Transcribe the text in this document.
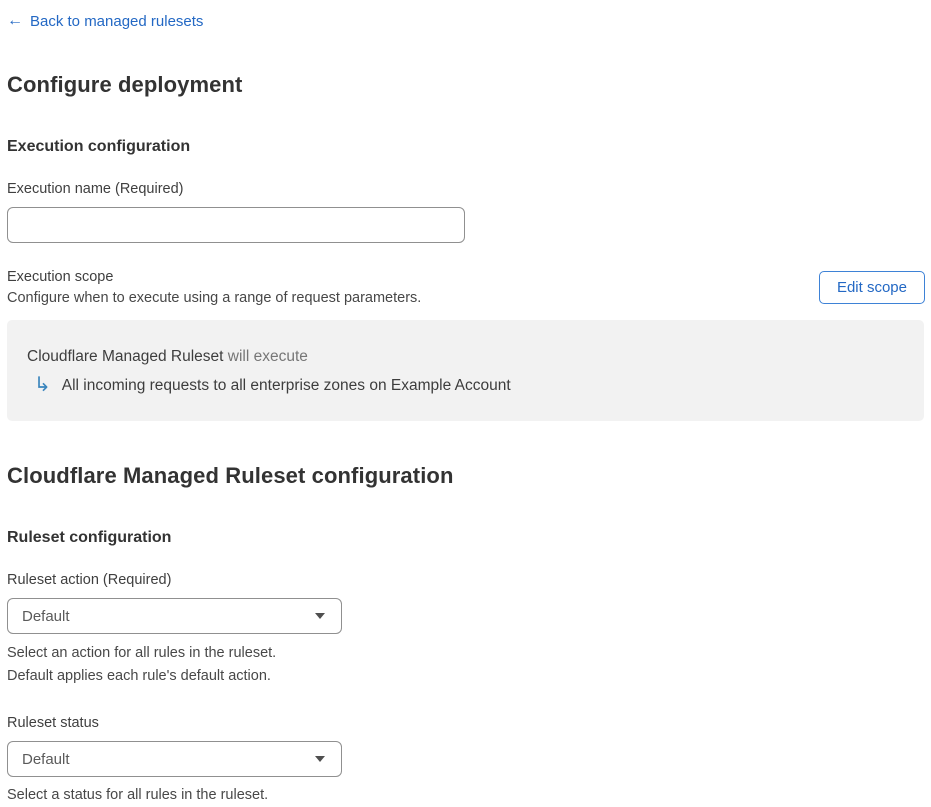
← Back to managed rulesets
Configure deployment
Execution configuration
Execution name (Required)
Execution scope
Configure when to execute using a range of request parameters.
Edit scope
Cloudflare Managed Ruleset will execute
↳ All incoming requests to all enterprise zones on Example Account
Cloudflare Managed Ruleset configuration
Ruleset configuration
Ruleset action (Required)
Default
Select an action for all rules in the ruleset.
Default applies each rule's default action.
Ruleset status
Default
Select a status for all rules in the ruleset.
